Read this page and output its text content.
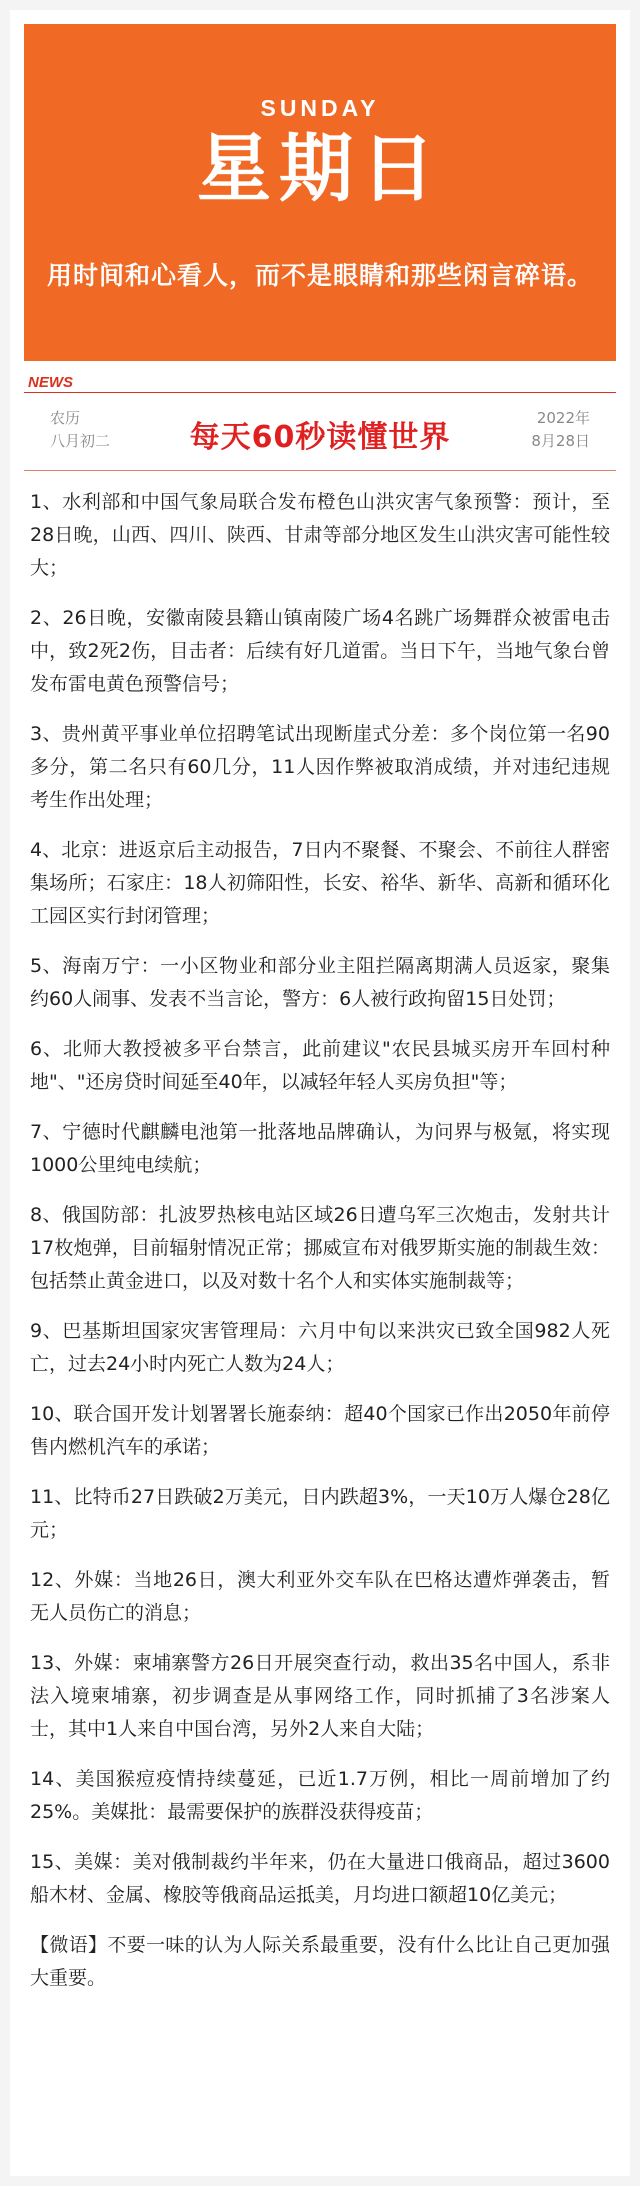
SUNDAY
星期日
用时间和心看人，而不是眼睛和那些闲言碎语。
NEWS
农历
八月初二	每天60秒读懂世界
2022年
8月28日

1、水利部和中国气象局联合发布橙色山洪灾害气象预警：预计，至28日晚，山西、四川、陕西、甘肃等部分地区发生山洪灾害可能性较大；

2、26日晚，安徽南陵县籍山镇南陵广场4名跳广场舞群众被雷电击中，致2死2伤，目击者：后续有好几道雷。当日下午，当地气象台曾发布雷电黄色预警信号；

3、贵州黄平事业单位招聘笔试出现断崖式分差：多个岗位第一名90多分，第二名只有60几分，11人因作弊被取消成绩，并对违纪违规考生作出处理；

4、北京：进返京后主动报告，7日内不聚餐、不聚会、不前往人群密集场所；石家庄：18人初筛阳性，长安、裕华、新华、高新和循环化工园区实行封闭管理；

5、海南万宁：一小区物业和部分业主阻拦隔离期满人员返家，聚集约60人闹事、发表不当言论，警方：6人被行政拘留15日处罚；

6、北师大教授被多平台禁言，此前建议"农民县城买房开车回村种地"、"还房贷时间延至40年，以减轻年轻人买房负担"等；

7、宁德时代麒麟电池第一批落地品牌确认，为问界与极氪，将实现1000公里纯电续航；

8、俄国防部：扎波罗热核电站区域26日遭乌军三次炮击，发射共计17枚炮弹，目前辐射情况正常；挪威宣布对俄罗斯实施的制裁生效：包括禁止黄金进口，以及对数十名个人和实体实施制裁等；

9、巴基斯坦国家灾害管理局：六月中旬以来洪灾已致全国982人死亡，过去24小时内死亡人数为24人；

10、联合国开发计划署署长施泰纳：超40个国家已作出2050年前停售内燃机汽车的承诺；

11、比特币27日跌破2万美元，日内跌超3%，一天10万人爆仓28亿元；

12、外媒：当地26日，澳大利亚外交车队在巴格达遭炸弹袭击，暂无人员伤亡的消息；

13、外媒：柬埔寨警方26日开展突查行动，救出35名中国人，系非法入境柬埔寨，初步调查是从事网络工作，同时抓捕了3名涉案人士，其中1人来自中国台湾，另外2人来自大陆；

14、美国猴痘疫情持续蔓延，已近1.7万例，相比一周前增加了约25%。美媒批：最需要保护的族群没获得疫苗；

15、美媒：美对俄制裁约半年来，仍在大量进口俄商品，超过3600船木材、金属、橡胶等俄商品运抵美，月均进口额超10亿美元；

【微语】不要一味的认为人际关系最重要，没有什么比让自己更加强大重要。
